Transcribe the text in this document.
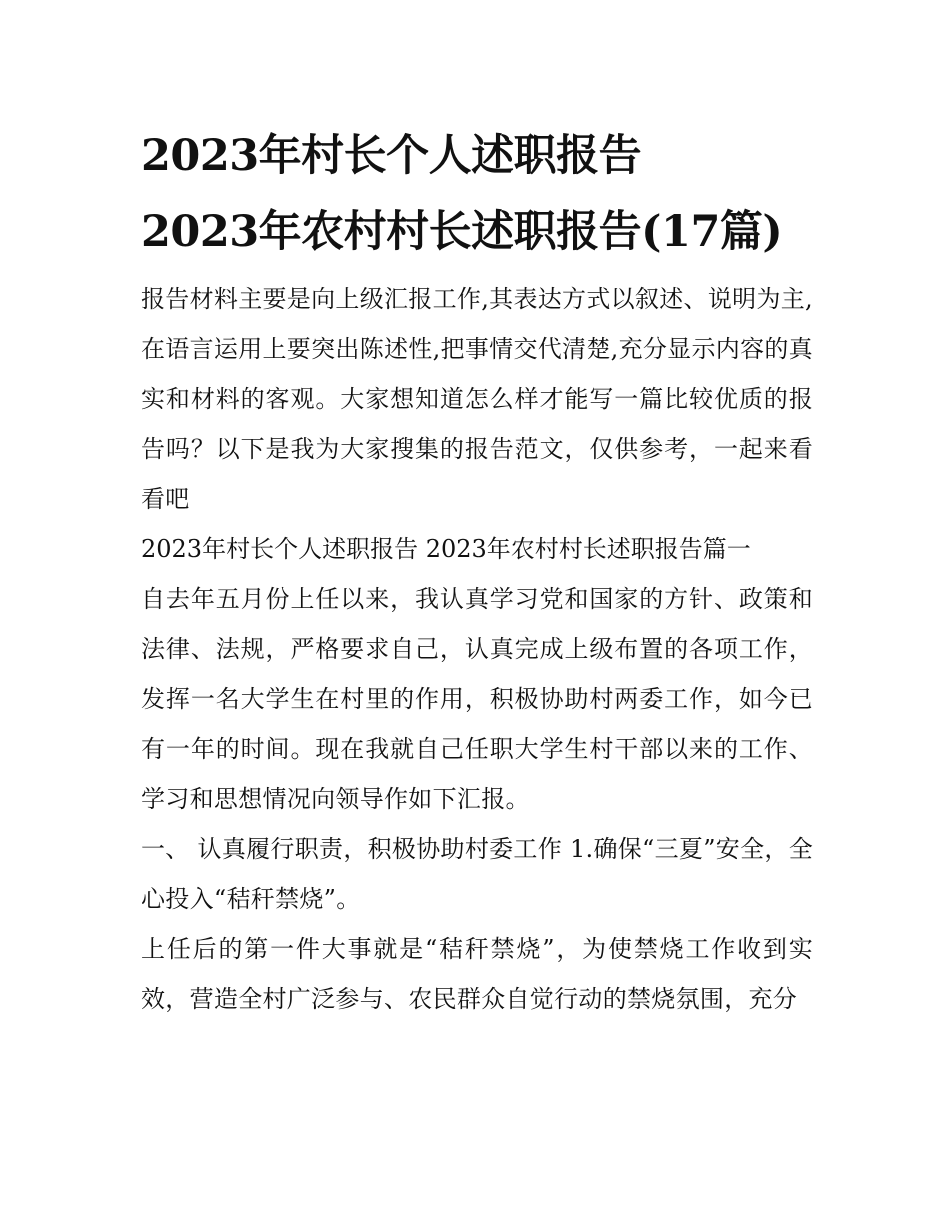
2023年村长个人述职报告
2023年农村村长述职报告(17篇)

报告材料主要是向上级汇报工作,其表达方式以叙述、说明为主,在语言运用上要突出陈述性,把事情交代清楚,充分显示内容的真实和材料的客观。大家想知道怎么样才能写一篇比较优质的报告吗？以下是我为大家搜集的报告范文，仅供参考，一起来看看吧

2023年村长个人述职报告 2023年农村村长述职报告篇一

自去年五月份上任以来，我认真学习党和国家的方针、政策和法律、法规，严格要求自己，认真完成上级布置的各项工作，发挥一名大学生在村里的作用，积极协助村两委工作，如今已有一年的时间。现在我就自己任职大学生村干部以来的工作、学习和思想情况向领导作如下汇报。

一、 认真履行职责，积极协助村委工作 1.确保“三夏”安全，全心投入“秸秆禁烧”。

上任后的第一件大事就是“秸秆禁烧”，为使禁烧工作收到实效，营造全村广泛参与、农民群众自觉行动的禁烧氛围，充分
